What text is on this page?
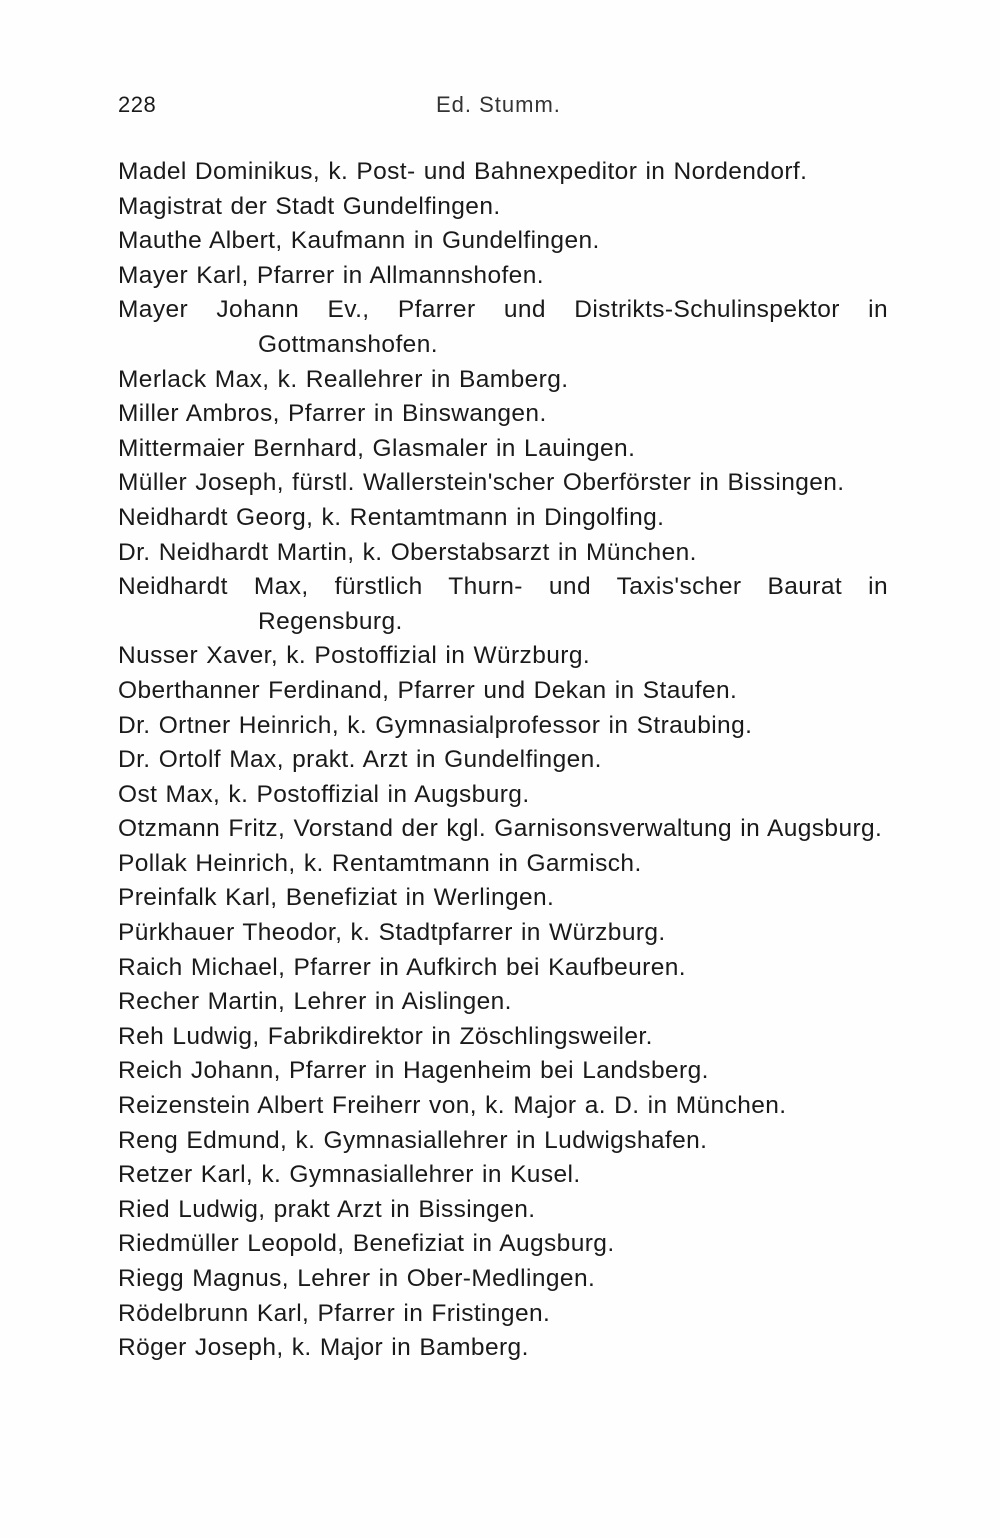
228	Ed. Stumm.
Madel Dominikus, k. Post- und Bahnexpeditor in Nordendorf.
Magistrat der Stadt Gundelfingen.
Mauthe Albert, Kaufmann in Gundelfingen.
Mayer Karl, Pfarrer in Allmannshofen.
Mayer Johann Ev., Pfarrer und Distrikts-Schulinspektor in Gottmanshofen.
Merlack Max, k. Reallehrer in Bamberg.
Miller Ambros, Pfarrer in Binswangen.
Mittermaier Bernhard, Glasmaler in Lauingen.
Müller Joseph, fürstl. Wallerstein'scher Oberförster in Bissingen.
Neidhardt Georg, k. Rentamtmann in Dingolfing.
Dr. Neidhardt Martin, k. Oberstabsarzt in München.
Neidhardt Max, fürstlich Thurn- und Taxis'scher Baurat in Regensburg.
Nusser Xaver, k. Postoffizial in Würzburg.
Oberthanner Ferdinand, Pfarrer und Dekan in Staufen.
Dr. Ortner Heinrich, k. Gymnasialprofessor in Straubing.
Dr. Ortolf Max, prakt. Arzt in Gundelfingen.
Ost Max, k. Postoffizial in Augsburg.
Otzmann Fritz, Vorstand der kgl. Garnisonsverwaltung in Augsburg.
Pollak Heinrich, k. Rentamtmann in Garmisch.
Preinfalk Karl, Benefiziat in Werlingen.
Pürkhauer Theodor, k. Stadtpfarrer in Würzburg.
Raich Michael, Pfarrer in Aufkirch bei Kaufbeuren.
Recher Martin, Lehrer in Aislingen.
Reh Ludwig, Fabrikdirektor in Zöschlingsweiler.
Reich Johann, Pfarrer in Hagenheim bei Landsberg.
Reizenstein Albert Freiherr von, k. Major a. D. in München.
Reng Edmund, k. Gymnasiallehrer in Ludwigshafen.
Retzer Karl, k. Gymnasiallehrer in Kusel.
Ried Ludwig, prakt Arzt in Bissingen.
Riedmüller Leopold, Benefiziat in Augsburg.
Riegg Magnus, Lehrer in Ober-Medlingen.
Rödelbrunn Karl, Pfarrer in Fristingen.
Röger Joseph, k. Major in Bamberg.
